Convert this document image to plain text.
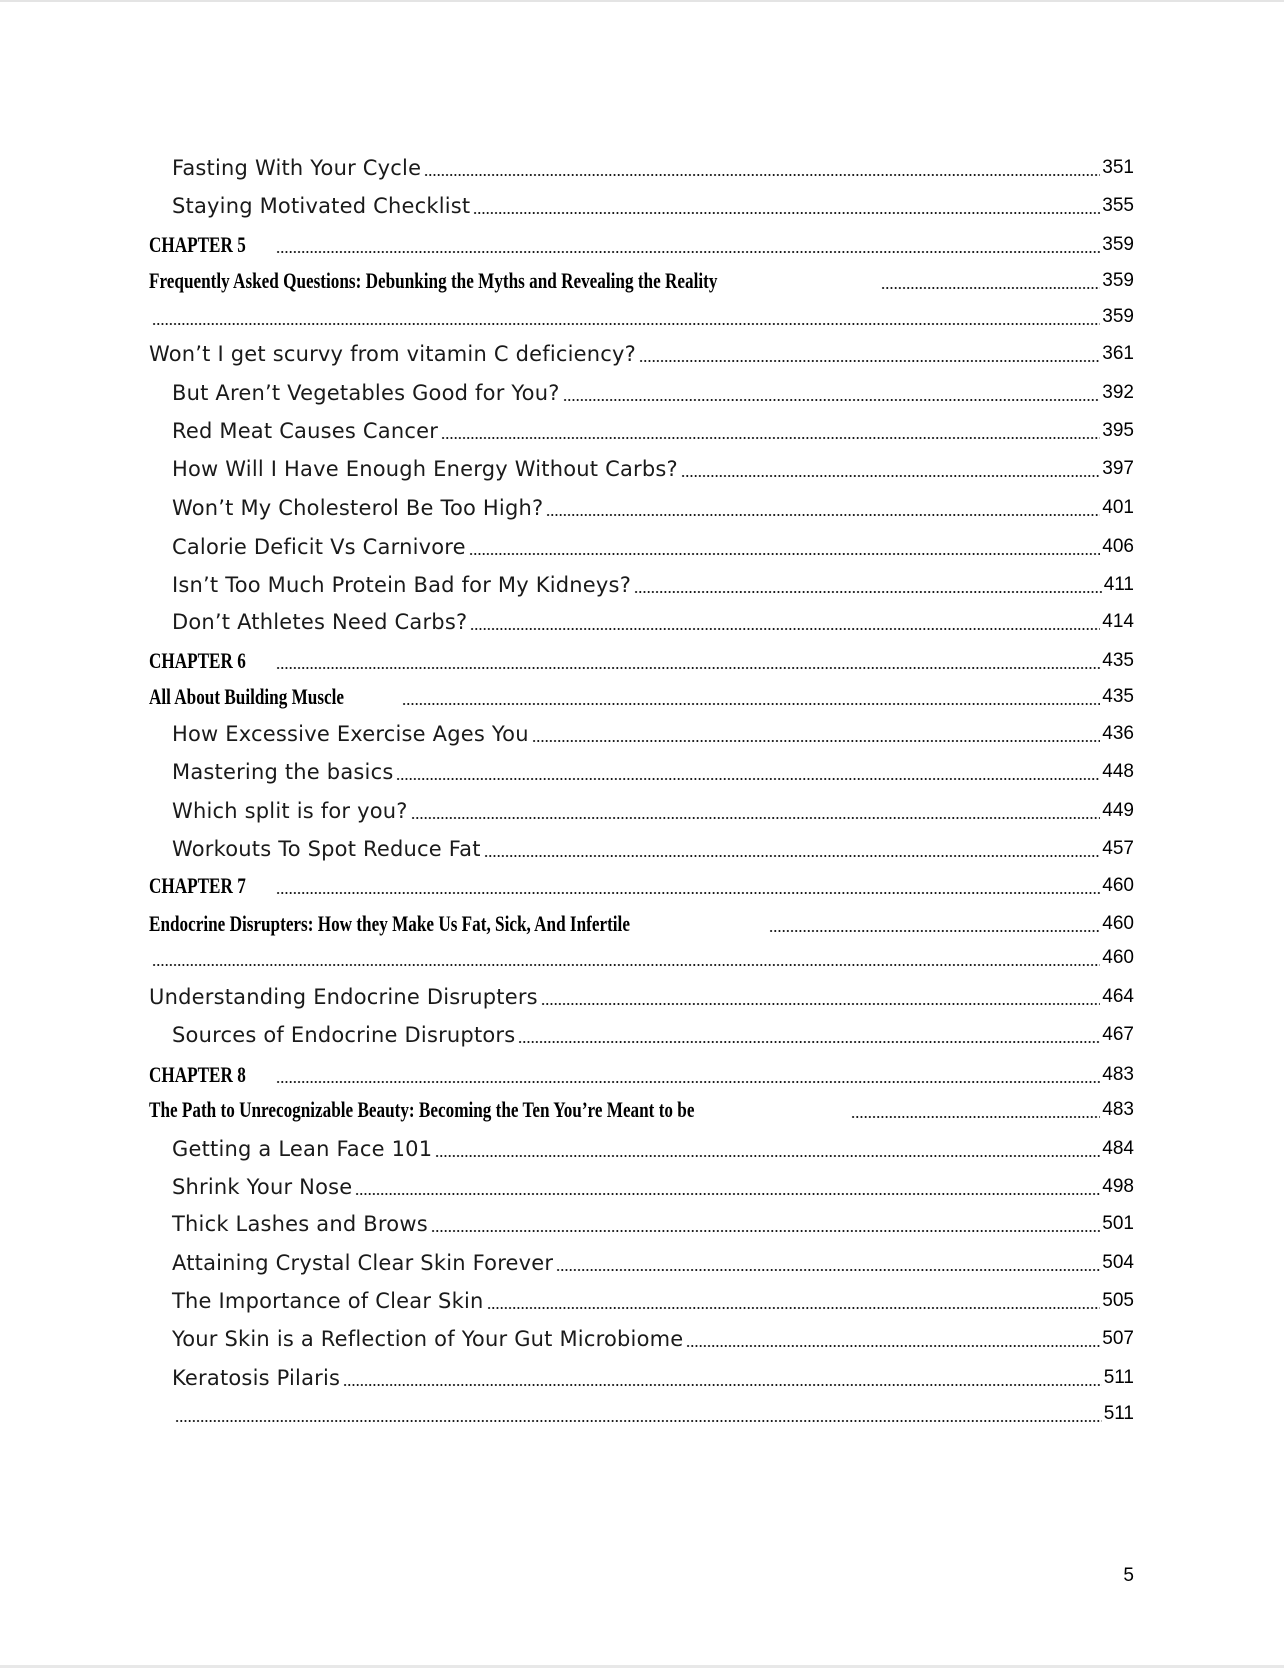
Fasting With Your Cycle	351
Staying Motivated Checklist	355
CHAPTER 5	359
Frequently Asked Questions: Debunking the Myths and Revealing the Reality	359
359
Won’t I get scurvy from vitamin C deficiency?	361
But Aren’t Vegetables Good for You?	392
Red Meat Causes Cancer	395
How Will I Have Enough Energy Without Carbs?	397
Won’t My Cholesterol Be Too High?	401
Calorie Deficit Vs Carnivore	406
Isn’t Too Much Protein Bad for My Kidneys?	411
Don’t Athletes Need Carbs?	414
CHAPTER 6	435
All About Building Muscle	435
How Excessive Exercise Ages You	436
Mastering the basics	448
Which split is for you?	449
Workouts To Spot Reduce Fat	457
CHAPTER 7	460
Endocrine Disrupters: How they Make Us Fat, Sick, And Infertile	460
460
Understanding Endocrine Disrupters	464
Sources of Endocrine Disruptors	467
CHAPTER 8	483
The Path to Unrecognizable Beauty: Becoming the Ten You’re Meant to be	483
Getting a Lean Face 101	484
Shrink Your Nose	498
Thick Lashes and Brows	501
Attaining Crystal Clear Skin Forever	504
The Importance of Clear Skin	505
Your Skin is a Reflection of Your Gut Microbiome	507
Keratosis Pilaris	511
511
5
